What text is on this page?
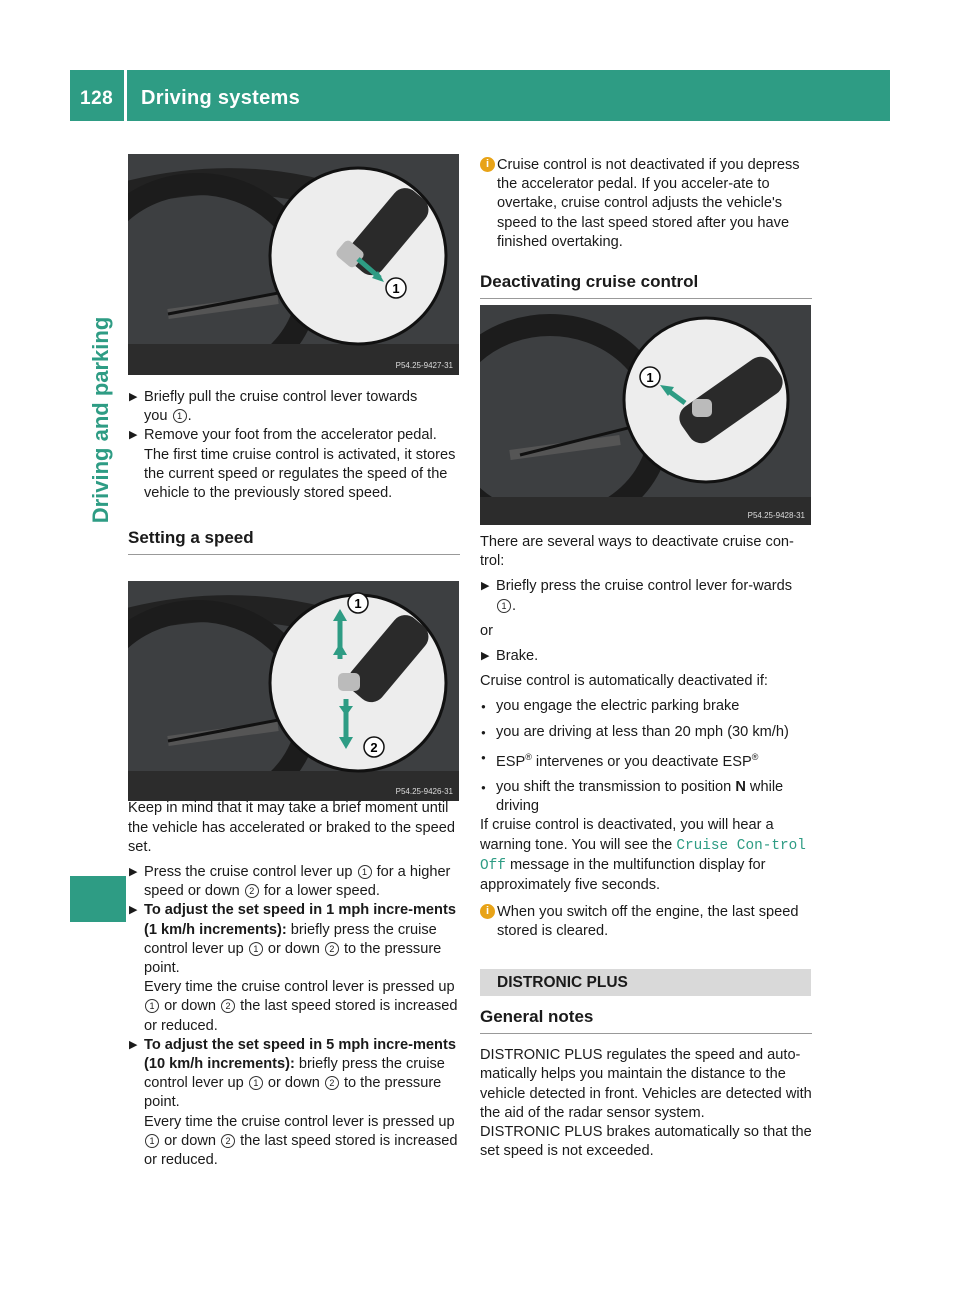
128 Driving systems
Driving and parking
1
P54.25-9427-31
1
2
P54.25-9426-31
1
P54.25-9428-31
▶ Briefly pull the cruise control lever towards
you 1 .
▶ Remove your foot from the accelerator pedal. The first time cruise control is activated, it stores the current speed or regulates the speed of the vehicle to the previously stored speed.
Setting a speed

Keep in mind that it may take a brief moment until the vehicle has accelerated or braked to the speed set.

▶ Press the cruise control lever up 1 for a higher speed or down 2 for a lower speed.
▶ To adjust the set speed in 1 mph incre-ments (1 km/h increments): briefly press the cruise control lever up 1 or down 2 to the pressure point.
Every time the cruise control lever is pressed up 1 or down 2 the last speed stored is increased or reduced.
▶ To adjust the set speed in 5 mph incre-ments (10 km/h increments): briefly press the cruise control lever up 1 or down 2 to the pressure point.
Every time the cruise control lever is pressed up 1 or down 2 the last speed stored is increased or reduced.
i Cruise control is not deactivated if you depress the accelerator pedal. If you acceler-ate to overtake, cruise control adjusts the vehicle's speed to the last speed stored after you have finished overtaking.
Deactivating cruise control

There are several ways to deactivate cruise con-trol:

▶ Briefly press the cruise control lever for-wards 1 .

or

▶ Brake.

Cruise control is automatically deactivated if:

● you engage the electric parking brake
● you are driving at less than 20 mph (30 km/h)
● ESP® intervenes or you deactivate ESP®
● you shift the transmission to position N while driving

If cruise control is deactivated, you will hear a warning tone. You will see the Cruise Con-trol Off message in the multifunction display for approximately five seconds.

i When you switch off the engine, the last speed stored is cleared.
DISTRONIC PLUS
General notes

DISTRONIC PLUS regulates the speed and auto-matically helps you maintain the distance to the vehicle detected in front. Vehicles are detected with the aid of the radar sensor system.

DISTRONIC PLUS brakes automatically so that the set speed is not exceeded.
